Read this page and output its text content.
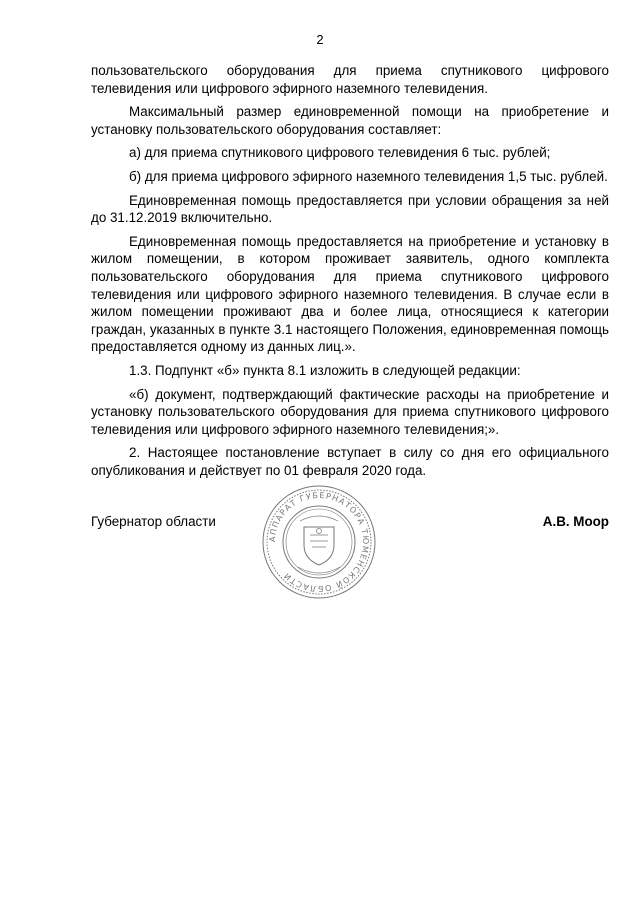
2

пользовательского оборудования для приема спутникового цифрового телевидения или цифрового эфирного наземного телевидения.

Максимальный размер единовременной помощи на приобретение и установку пользовательского оборудования составляет:

а) для приема спутникового цифрового телевидения 6 тыс. рублей;

б) для приема цифрового эфирного наземного телевидения 1,5 тыс. рублей.

Единовременная помощь предоставляется при условии обращения за ней до 31.12.2019 включительно.

Единовременная помощь предоставляется на приобретение и установку в жилом помещении, в котором проживает заявитель, одного комплекта пользовательского оборудования для приема спутникового цифрового телевидения или цифрового эфирного наземного телевидения. В случае если в жилом помещении проживают два и более лица, относящиеся к категории граждан, указанных в пункте 3.1 настоящего Положения, единовременная помощь предоставляется одному из данных лиц.».

1.3. Подпункт «б» пункта 8.1 изложить в следующей редакции:

«б) документ, подтверждающий фактические расходы на приобретение и установку пользовательского оборудования для приема спутникового цифрового телевидения или цифрового эфирного наземного телевидения;».

2. Настоящее постановление вступает в силу со дня его официального опубликования и действует по 01 февраля 2020 года.

Губернатор области	А.В. Моор
АППАРАТ ГУБЕРНАТОРА ТЮМЕНСКОЙ ОБЛАСТИ
